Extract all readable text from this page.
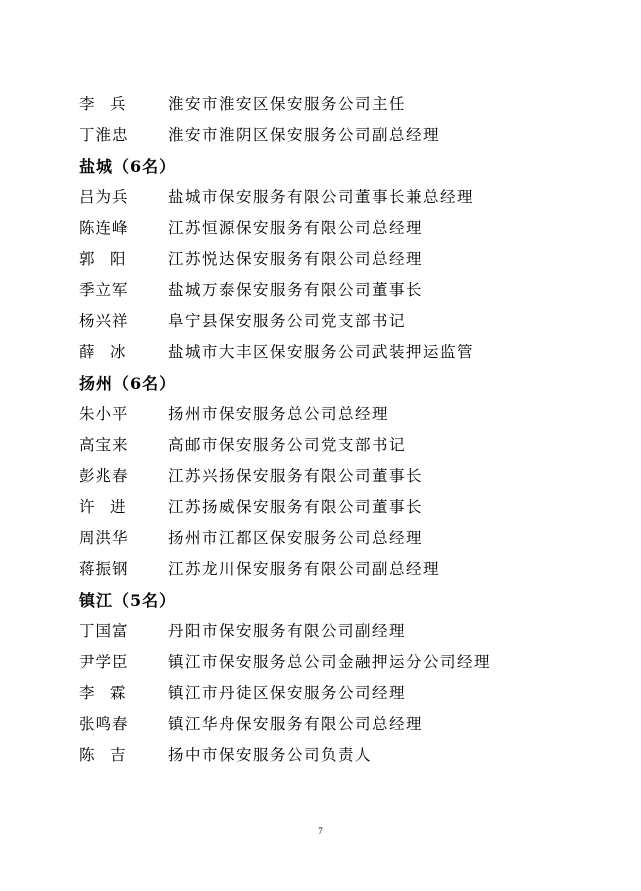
李　兵	淮安市淮安区保安服务公司主任
丁淮忠	淮安市淮阴区保安服务公司副总经理
盐城（6名）
吕为兵	盐城市保安服务有限公司董事长兼总经理
陈连峰	江苏恒源保安服务有限公司总经理
郭　阳	江苏悦达保安服务有限公司总经理
季立军	盐城万泰保安服务有限公司董事长
杨兴祥	阜宁县保安服务公司党支部书记
薛　冰	盐城市大丰区保安服务公司武装押运监管
扬州（6名）
朱小平	扬州市保安服务总公司总经理
高宝来	高邮市保安服务公司党支部书记
彭兆春	江苏兴扬保安服务有限公司董事长
许　进	江苏扬威保安服务有限公司董事长
周洪华	扬州市江都区保安服务公司总经理
蒋振钢	江苏龙川保安服务有限公司副总经理
镇江（5名）
丁国富	丹阳市保安服务有限公司副经理
尹学臣	镇江市保安服务总公司金融押运分公司经理
李　霖	镇江市丹徒区保安服务公司经理
张鸣春	镇江华舟保安服务有限公司总经理
陈　吉	扬中市保安服务公司负责人
7
